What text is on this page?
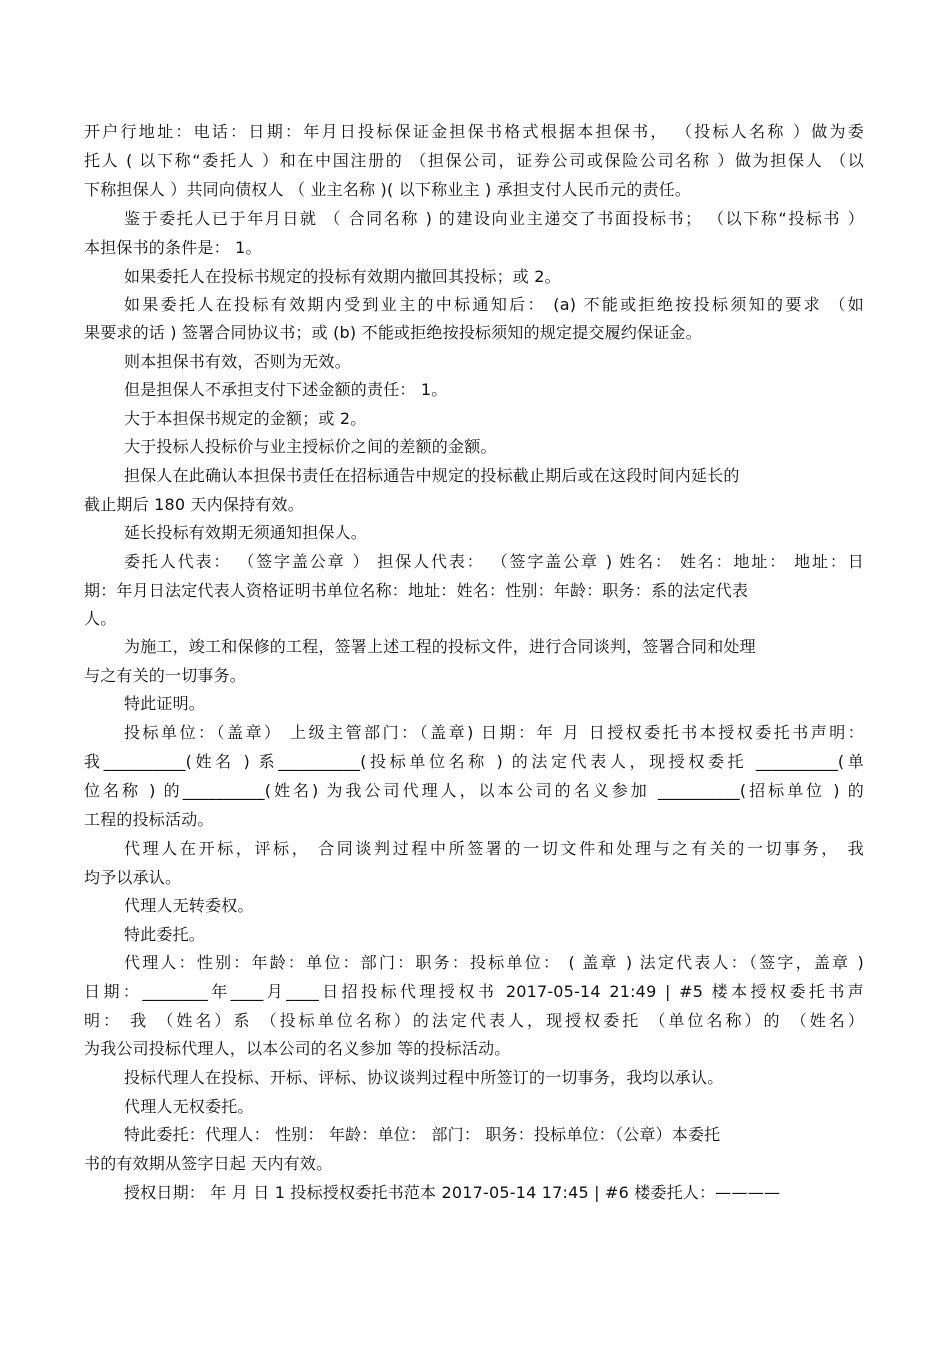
开户行地址：电话：日期：年月日投标保证金担保书格式根据本担保书， （投标人名称 ）做为委
托人 ( 以下称“委托人 ）和在中国注册的 （担保公司，证券公司或保险公司名称 ）做为担保人 （以
下称担保人 ）共同向债权人 （ 业主名称 )( 以下称业主 ) 承担支付人民币元的责任。
鉴于委托人已于年月日就 （ 合同名称 ) 的建设向业主递交了书面投标书； （以下称“投标书 ）
本担保书的条件是： 1。
如果委托人在投标书规定的投标有效期内撤回其投标；或 2。
如果委托人在投标有效期内受到业主的中标通知后： (a) 不能或拒绝按投标须知的要求 （如
果要求的话 ) 签署合同协议书；或 (b) 不能或拒绝按投标须知的规定提交履约保证金。
则本担保书有效，否则为无效。
但是担保人不承担支付下述金额的责任： 1。
大于本担保书规定的金额；或 2。
大于投标人投标价与业主授标价之间的差额的金额。
担保人在此确认本担保书责任在招标通告中规定的投标截止期后或在这段时间内延长的
截止期后 180 天内保持有效。
延长投标有效期无须通知担保人。
委托人代表： （签字盖公章 ） 担保人代表： （签字盖公章 ) 姓名： 姓名：地址： 地址：日
期：年月日法定代表人资格证明书单位名称：地址：姓名：性别：年龄：职务：系的法定代表
人。
为施工，竣工和保修的工程，签署上述工程的投标文件，进行合同谈判，签署合同和处理
与之有关的一切事务。
特此证明。
投标单位：（盖章） 上级主管部门：（盖章) 日期：年 月 日授权委托书本授权委托书声明：
我__________(姓名 ) 系__________(投标单位名称 ) 的法定代表人，现授权委托 __________(单
位名称 ) 的__________(姓名) 为我公司代理人，以本公司的名义参加 __________(招标单位 ) 的
工程的投标活动。
代理人在开标，评标， 合同谈判过程中所签署的一切文件和处理与之有关的一切事务， 我
均予以承认。
代理人无转委权。
特此委托。
代理人：性别：年龄：单位：部门：职务：投标单位： ( 盖章 ) 法定代表人：（签字，盖章 )
日期：________年____月____日招投标代理授权书 2017-05-14 21:49 | #5 楼本授权委托书声
明： 我 （姓名）系 （投标单位名称）的法定代表人，现授权委托 （单位名称）的 （姓名）
为我公司投标代理人，以本公司的名义参加 等的投标活动。
投标代理人在投标、开标、评标、协议谈判过程中所签订的一切事务，我均以承认。
代理人无权委托。
特此委托：代理人： 性别： 年龄：单位： 部门： 职务：投标单位：（公章）本委托
书的有效期从签字日起 天内有效。
授权日期： 年 月 日 1 投标授权委托书范本 2017-05-14 17:45 | #6 楼委托人：————
